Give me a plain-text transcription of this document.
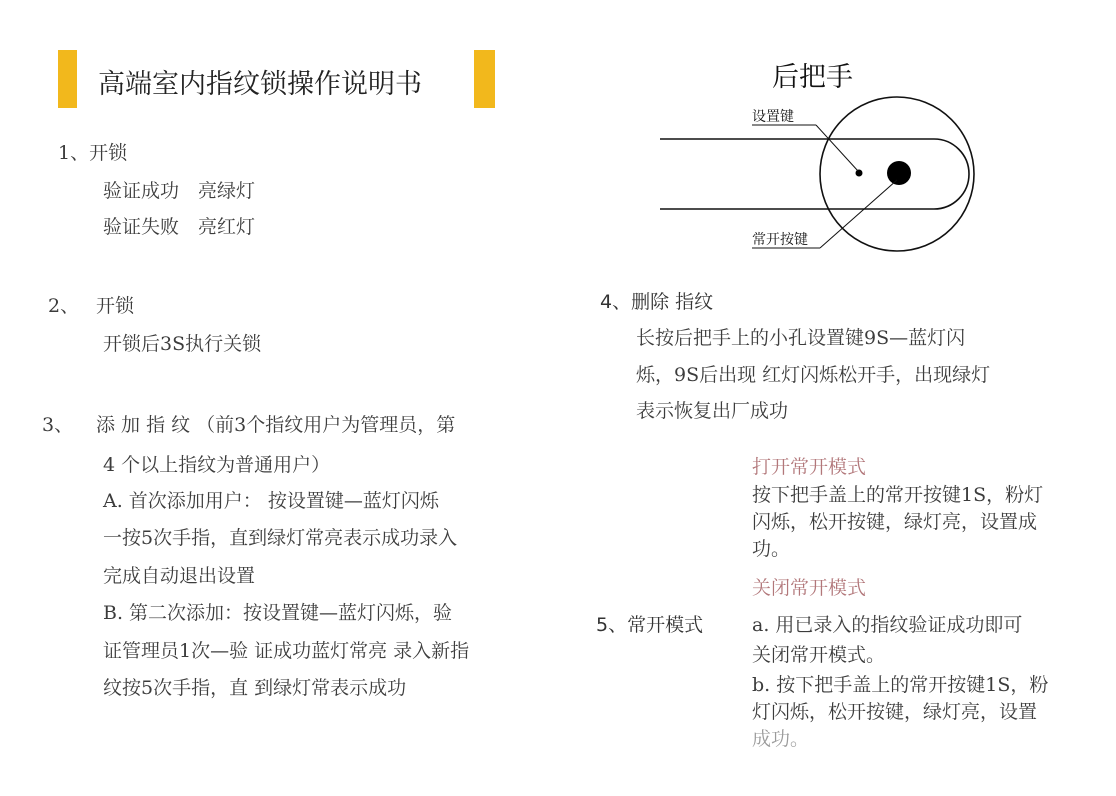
高端室内指纹锁操作说明书
1、开锁
验证成功　亮绿灯
验证失败　亮红灯
2、 开锁
开锁后3S执行关锁
3、 添 加 指 纹 （前3个指纹用户为管理员，第
4 个以上指纹为普通用户）
A. 首次添加用户： 按设置键—蓝灯闪烁
一按5次手指，直到绿灯常亮表示成功录入
完成自动退出设置
B. 第二次添加：按设置键—蓝灯闪烁，验
证管理员1次—验 证成功蓝灯常亮 录入新指
纹按5次手指，直 到绿灯常表示成功
后把手
设置键
常开按键
4、删除 指纹
长按后把手上的小孔设置键9S—蓝灯闪
烁，9S后出现 红灯闪烁松开手，出现绿灯
表示恢复出厂成功
打开常开模式
按下把手盖上的常开按键1S，粉灯
闪烁，松开按键，绿灯亮，设置成
功。
关闭常开模式
5、常开模式	a. 用已录入的指纹验证成功即可
关闭常开模式。
b. 按下把手盖上的常开按键1S，粉
灯闪烁，松开按键，绿灯亮，设置
成功。
